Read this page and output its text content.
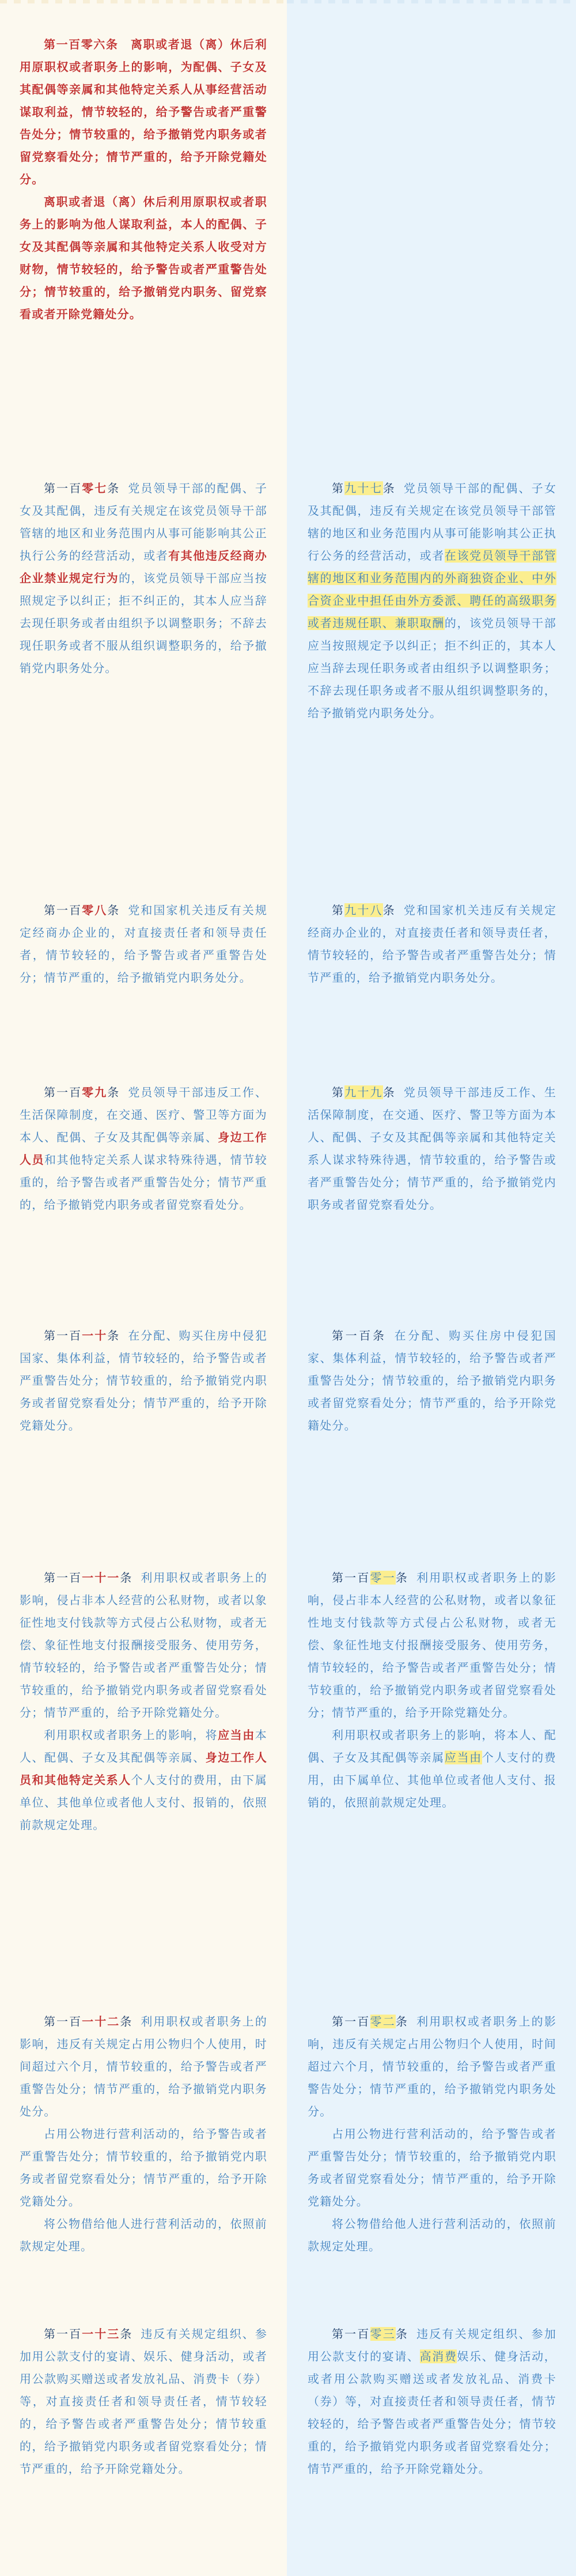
第一百零六条　离职或者退（离）休后利用原职权或者职务上的影响，为配偶、子女及其配偶等亲属和其他特定关系人从事经营活动谋取利益，情节较轻的，给予警告或者严重警告处分；情节较重的，给予撤销党内职务或者留党察看处分；情节严重的，给予开除党籍处分。

离职或者退（离）休后利用原职权或者职务上的影响为他人谋取利益，本人的配偶、子女及其配偶等亲属和其他特定关系人收受对方财物，情节较轻的，给予警告或者严重警告处分；情节较重的，给予撤销党内职务、留党察看或者开除党籍处分。

第一百零七条 党员领导干部的配偶、子女及其配偶，违反有关规定在该党员领导干部管辖的地区和业务范围内从事可能影响其公正执行公务的经营活动，或者有其他违反经商办企业禁业规定行为的，该党员领导干部应当按照规定予以纠正；拒不纠正的，其本人应当辞去现任职务或者由组织予以调整职务；不辞去现任职务或者不服从组织调整职务的，给予撤销党内职务处分。

第一百零八条 党和国家机关违反有关规定经商办企业的，对直接责任者和领导责任者，情节较轻的，给予警告或者严重警告处分；情节严重的，给予撤销党内职务处分。

第一百零九条 党员领导干部违反工作、生活保障制度，在交通、医疗、警卫等方面为本人、配偶、子女及其配偶等亲属、身边工作人员和其他特定关系人谋求特殊待遇，情节较重的，给予警告或者严重警告处分；情节严重的，给予撤销党内职务或者留党察看处分。

第一百一十条 在分配、购买住房中侵犯国家、集体利益，情节较轻的，给予警告或者严重警告处分；情节较重的，给予撤销党内职务或者留党察看处分；情节严重的，给予开除党籍处分。

第一百一十一条 利用职权或者职务上的影响，侵占非本人经营的公私财物，或者以象征性地支付钱款等方式侵占公私财物，或者无偿、象征性地支付报酬接受服务、使用劳务，情节较轻的，给予警告或者严重警告处分；情节较重的，给予撤销党内职务或者留党察看处分；情节严重的，给予开除党籍处分。

利用职权或者职务上的影响，将应当由本人、配偶、子女及其配偶等亲属、身边工作人员和其他特定关系人个人支付的费用，由下属单位、其他单位或者他人支付、报销的，依照前款规定处理。

第一百一十二条 利用职权或者职务上的影响，违反有关规定占用公物归个人使用，时间超过六个月，情节较重的，给予警告或者严重警告处分；情节严重的，给予撤销党内职务处分。

占用公物进行营利活动的，给予警告或者严重警告处分；情节较重的，给予撤销党内职务或者留党察看处分；情节严重的，给予开除党籍处分。

将公物借给他人进行营利活动的，依照前款规定处理。

第一百一十三条 违反有关规定组织、参加用公款支付的宴请、娱乐、健身活动，或者用公款购买赠送或者发放礼品、消费卡（券）等，对直接责任者和领导责任者，情节较轻的，给予警告或者严重警告处分；情节较重的，给予撤销党内职务或者留党察看处分；情节严重的，给予开除党籍处分。

第九十七条 党员领导干部的配偶、子女及其配偶，违反有关规定在该党员领导干部管辖的地区和业务范围内从事可能影响其公正执行公务的经营活动，或者在该党员领导干部管辖的地区和业务范围内的外商独资企业、中外合资企业中担任由外方委派、聘任的高级职务或者违规任职、兼职取酬的，该党员领导干部应当按照规定予以纠正；拒不纠正的，其本人应当辞去现任职务或者由组织予以调整职务；不辞去现任职务或者不服从组织调整职务的，给予撤销党内职务处分。

第九十八条 党和国家机关违反有关规定经商办企业的，对直接责任者和领导责任者，情节较轻的，给予警告或者严重警告处分；情节严重的，给予撤销党内职务处分。

第九十九条 党员领导干部违反工作、生活保障制度，在交通、医疗、警卫等方面为本人、配偶、子女及其配偶等亲属和其他特定关系人谋求特殊待遇，情节较重的，给予警告或者严重警告处分；情节严重的，给予撤销党内职务或者留党察看处分。

第一百条 在分配、购买住房中侵犯国家、集体利益，情节较轻的，给予警告或者严重警告处分；情节较重的，给予撤销党内职务或者留党察看处分；情节严重的，给予开除党籍处分。

第一百零一条 利用职权或者职务上的影响，侵占非本人经营的公私财物，或者以象征性地支付钱款等方式侵占公私财物，或者无偿、象征性地支付报酬接受服务、使用劳务，情节较轻的，给予警告或者严重警告处分；情节较重的，给予撤销党内职务或者留党察看处分；情节严重的，给予开除党籍处分。

利用职权或者职务上的影响，将本人、配偶、子女及其配偶等亲属应当由个人支付的费用，由下属单位、其他单位或者他人支付、报销的，依照前款规定处理。

第一百零二条 利用职权或者职务上的影响，违反有关规定占用公物归个人使用，时间超过六个月，情节较重的，给予警告或者严重警告处分；情节严重的，给予撤销党内职务处分。

占用公物进行营利活动的，给予警告或者严重警告处分；情节较重的，给予撤销党内职务或者留党察看处分；情节严重的，给予开除党籍处分。

将公物借给他人进行营利活动的，依照前款规定处理。

第一百零三条 违反有关规定组织、参加用公款支付的宴请、高消费娱乐、健身活动，或者用公款购买赠送或者发放礼品、消费卡（券）等，对直接责任者和领导责任者，情节较轻的，给予警告或者严重警告处分；情节较重的，给予撤销党内职务或者留党察看处分；情节严重的，给予开除党籍处分。
